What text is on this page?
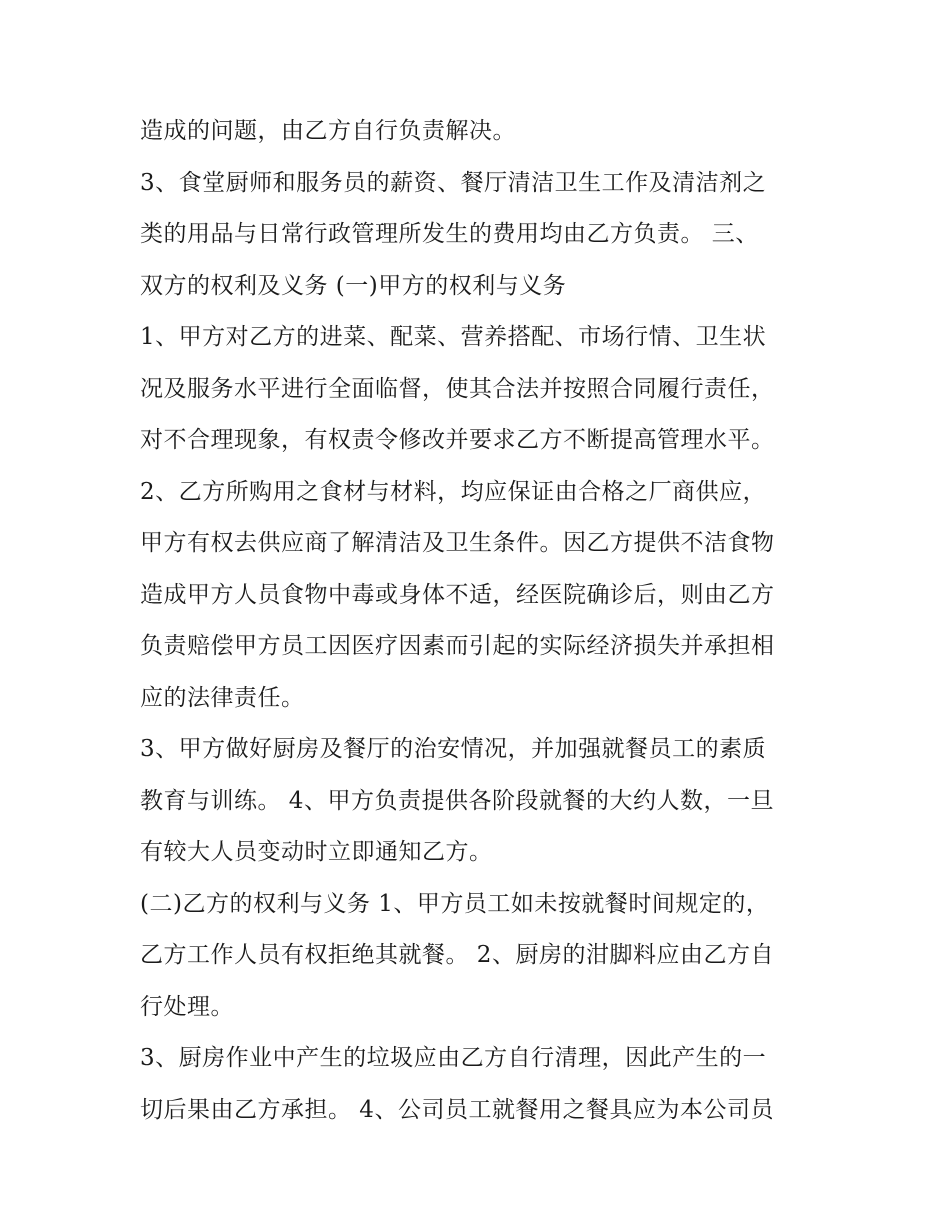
造成的问题，由乙方自行负责解决。
3、食堂厨师和服务员的薪资、餐厅清洁卫生工作及清洁剂之
类的用品与日常行政管理所发生的费用均由乙方负责。 三、
双方的权利及义务 (一)甲方的权利与义务
1、甲方对乙方的进菜、配菜、营养搭配、市场行情、卫生状
况及服务水平进行全面临督，使其合法并按照合同履行责任，
对不合理现象，有权责令修改并要求乙方不断提高管理水平。
2、乙方所购用之食材与材料，均应保证由合格之厂商供应，
甲方有权去供应商了解清洁及卫生条件。因乙方提供不洁食物
造成甲方人员食物中毒或身体不适，经医院确诊后，则由乙方
负责赔偿甲方员工因医疗因素而引起的实际经济损失并承担相
应的法律责任。
3、甲方做好厨房及餐厅的治安情况，并加强就餐员工的素质
教育与训练。 4、甲方负责提供各阶段就餐的大约人数，一旦
有较大人员变动时立即通知乙方。
(二)乙方的权利与义务 1、甲方员工如未按就餐时间规定的，
乙方工作人员有权拒绝其就餐。 2、厨房的泔脚料应由乙方自
行处理。
3、厨房作业中产生的垃圾应由乙方自行清理，因此产生的一
切后果由乙方承担。 4、公司员工就餐用之餐具应为本公司员
